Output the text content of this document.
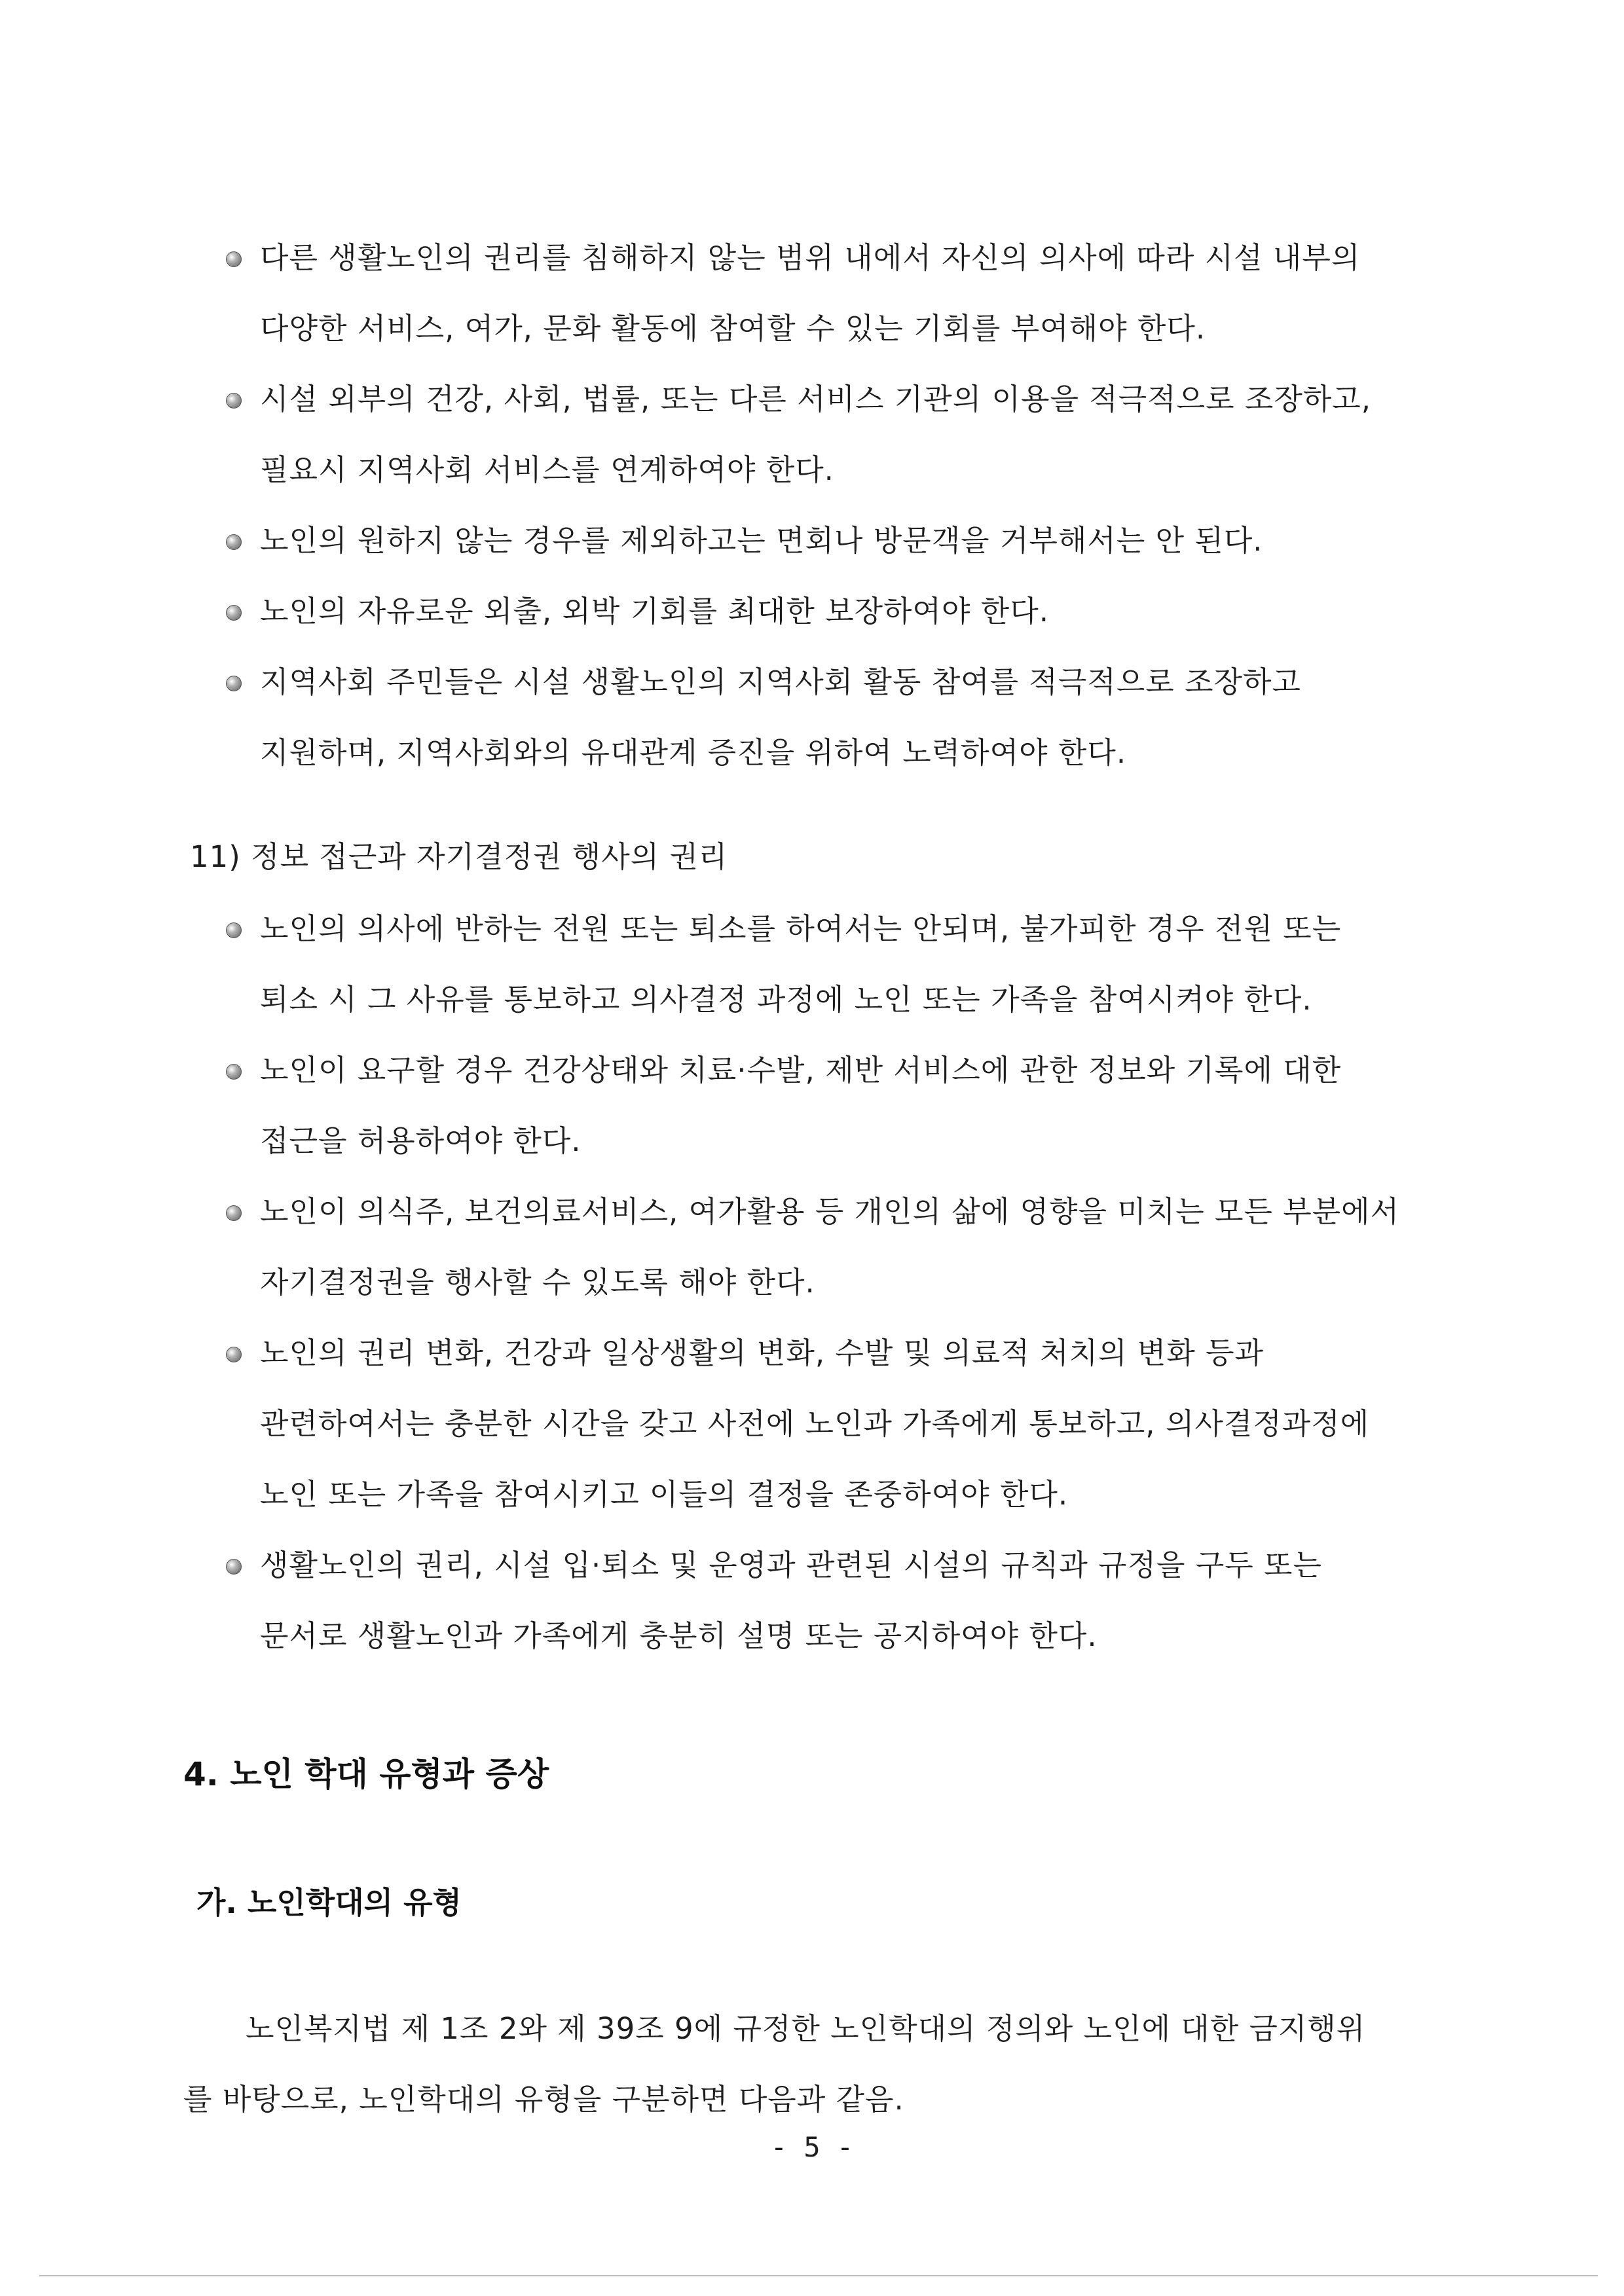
다른 생활노인의 권리를 침해하지 않는 범위 내에서 자신의 의사에 따라 시설 내부의
다양한 서비스, 여가, 문화 활동에 참여할 수 있는 기회를 부여해야 한다.
시설 외부의 건강, 사회, 법률, 또는 다른 서비스 기관의 이용을 적극적으로 조장하고,
필요시 지역사회 서비스를 연계하여야 한다.
노인의 원하지 않는 경우를 제외하고는 면회나 방문객을 거부해서는 안 된다.
노인의 자유로운 외출, 외박 기회를 최대한 보장하여야 한다.
지역사회 주민들은 시설 생활노인의 지역사회 활동 참여를 적극적으로 조장하고
지원하며, 지역사회와의 유대관계 증진을 위하여 노력하여야 한다.
11) 정보 접근과 자기결정권 행사의 권리
노인의 의사에 반하는 전원 또는 퇴소를 하여서는 안되며, 불가피한 경우 전원 또는
퇴소 시 그 사유를 통보하고 의사결정 과정에 노인 또는 가족을 참여시켜야 한다.
노인이 요구할 경우 건강상태와 치료·수발, 제반 서비스에 관한 정보와 기록에 대한
접근을 허용하여야 한다.
노인이 의식주, 보건의료서비스, 여가활용 등 개인의 삶에 영향을 미치는 모든 부분에서
자기결정권을 행사할 수 있도록 해야 한다.
노인의 권리 변화, 건강과 일상생활의 변화, 수발 및 의료적 처치의 변화 등과
관련하여서는 충분한 시간을 갖고 사전에 노인과 가족에게 통보하고, 의사결정과정에
노인 또는 가족을 참여시키고 이들의 결정을 존중하여야 한다.
생활노인의 권리, 시설 입·퇴소 및 운영과 관련된 시설의 규칙과 규정을 구두 또는
문서로 생활노인과 가족에게 충분히 설명 또는 공지하여야 한다.
4. 노인 학대 유형과 증상
가. 노인학대의 유형
노인복지법 제 1조 2와 제 39조 9에 규정한 노인학대의 정의와 노인에 대한 금지행위
를 바탕으로, 노인학대의 유형을 구분하면 다음과 같음.
- 5 -
